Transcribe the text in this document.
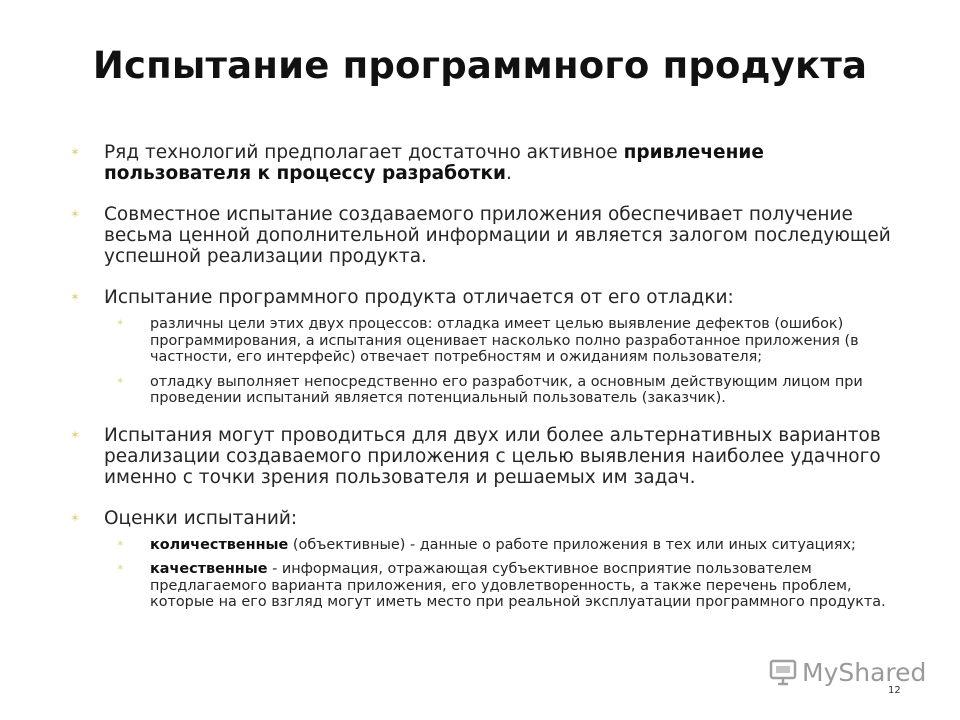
Испытание программного продукта
✶ Ряд технологий предполагает достаточно активное привлечение пользователя к процессу разработки.
✶ Совместное испытание создаваемого приложения обеспечивает получение весьма ценной дополнительной информации и является залогом последующей успешной реализации продукта.
✶ Испытание программного продукта отличается от его отладки:
✶ различны цели этих двух процессов: отладка имеет целью выявление дефектов (ошибок) программирования, а испытания оценивает насколько полно разработанное приложения (в частности, его интерфейс) отвечает потребностям и ожиданиям пользователя;
✶ отладку выполняет непосредственно его разработчик, а основным действующим лицом при проведении испытаний является потенциальный пользователь (заказчик).
✶ Испытания могут проводиться для двух или более альтернативных вариантов реализации создаваемого приложения с целью выявления наиболее удачного именно с точки зрения пользователя и решаемых им задач.
✶ Оценки испытаний:
✶ количественные (объективные) - данные о работе приложения в тех или иных ситуациях;
✶ качественные - информация, отражающая субъективное восприятие пользователем предлагаемого варианта приложения, его удовлетворенность, а также перечень проблем, которые на его взгляд могут иметь место при реальной эксплуатации программного продукта.
MyShared
12
